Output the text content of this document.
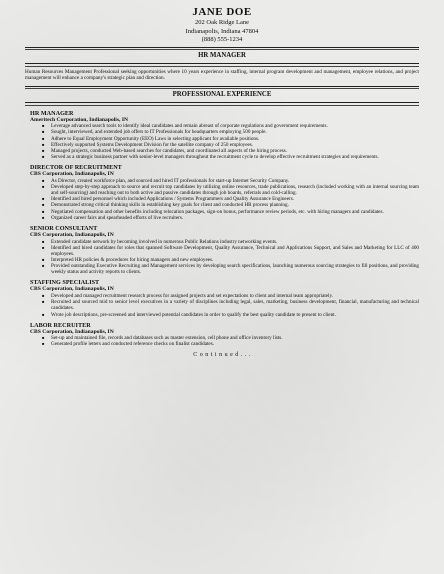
JANE DOE
202 Oak Ridge Lane
Indianapolis, Indiana 47804
(888) 555-1234
HR MANAGER
Human Resources Management Professional seeking opportunities where 10 years experience in staffing, internal program development and management, employee relations, and project management will enhance a company's strategic plan and direction.
PROFESSIONAL EXPERIENCE
HR MANAGER
Ameritech Corporation, Indianapolis, IN
■ Leverage advanced search tools to identify ideal candidates and remain abreast of corporate regulations and government requirements.
■ Sought, interviewed, and extended job offers to IT Professionals for headquarters employing 500 people.
■ Adhere to Equal Employment Opportunity (EEO) Laws in selecting applicant for available positions.
■ Effectively supported Systems Development Division for the satellite company of 250 employees.
■ Managed projects, conducted Web-based searches for candidates, and coordinated all aspects of the hiring process.
■ Served as a strategic business partner with senior-level managers throughout the recruitment cycle to develop effective recruitment strategies and requirements.
DIRECTOR OF RECRUITMENT
CBS Corporation, Indianapolis, IN
■ As Director, created workforce plan, and sourced and hired IT professionals for start-up Internet Security Company.
■ Developed step-by-step approach to source and recruit top candidates by utilizing online resources, trade publications, research (included working with an internal sourcing team and self-sourcing) and reaching out to both active and passive candidates through job boards, referrals and cold-calling.
■ Identified and hired personnel which included Applications / Systems Programmers and Quality Assurance Engineers.
■ Demonstrated strong critical thinking skills in establishing key goals for client and conducted HR process planning.
■ Negotiated compensation and other benefits including relocation packages, sign-on bonus, performance review periods, etc. with hiring managers and candidates.
■ Organized career fairs and spearheaded efforts of live recruiters.
SENIOR CONSULTANT
CBS Corporation, Indianapolis, IN
■ Extended candidate network by becoming involved in numerous Public Relations industry networking events.
■ Identified and hired candidates for roles that spanned Software Development, Quality Assurance, Technical and Applications Support, and Sales and Marketing for LLC of 400 employees.
■ Interpreted HR policies & procedures for hiring managers and new employees.
■ Provided outstanding Executive Recruiting and Management services by developing search specifications, launching numerous sourcing strategies to fill positions, and providing weekly status and activity reports to clients.
STAFFING SPECIALIST
CBS Corporation, Indianapolis, IN
■ Developed and managed recruitment research process for assigned projects and set expectations to client and internal team appropriately.
■ Recruited and sourced mid to senior level executives in a variety of disciplines including legal, sales, marketing, business development, financial, manufacturing and technical candidates.
■ Wrote job descriptions, pre-screened and interviewed potential candidates in order to qualify the best quality candidate to present to client.
LABOR RECRUITER
CBS Corporation, Indianapolis, IN
■ Set-up and maintained file, records and databases such as master extension, cell phone and office inventory lists.
■ Generated profile letters and conducted reference checks on finalist candidates.
C o n t i n u e d . . .
